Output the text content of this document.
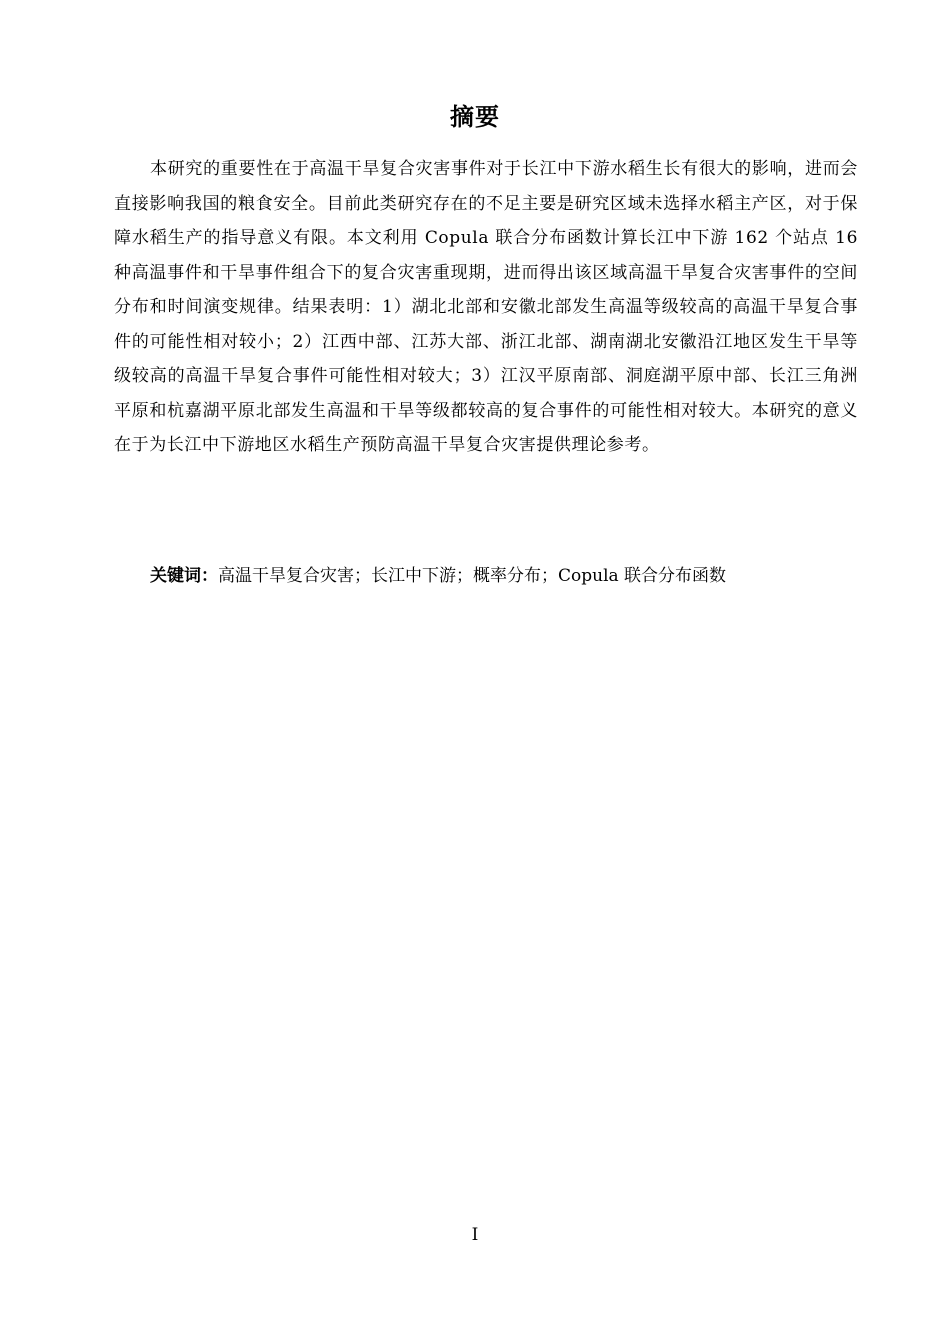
摘要

本研究的重要性在于高温干旱复合灾害事件对于长江中下游水稻生长有很大的影响，进而会直接影响我国的粮食安全。目前此类研究存在的不足主要是研究区域未选择水稻主产区，对于保障水稻生产的指导意义有限。本文利用 Copula 联合分布函数计算长江中下游 162 个站点 16 种高温事件和干旱事件组合下的复合灾害重现期，进而得出该区域高温干旱复合灾害事件的空间分布和时间演变规律。结果表明：1）湖北北部和安徽北部发生高温等级较高的高温干旱复合事件的可能性相对较小；2）江西中部、江苏大部、浙江北部、湖南湖北安徽沿江地区发生干旱等级较高的高温干旱复合事件可能性相对较大；3）江汉平原南部、洞庭湖平原中部、长江三角洲平原和杭嘉湖平原北部发生高温和干旱等级都较高的复合事件的可能性相对较大。本研究的意义在于为长江中下游地区水稻生产预防高温干旱复合灾害提供理论参考。

关键词：高温干旱复合灾害；长江中下游；概率分布；Copula 联合分布函数

I
